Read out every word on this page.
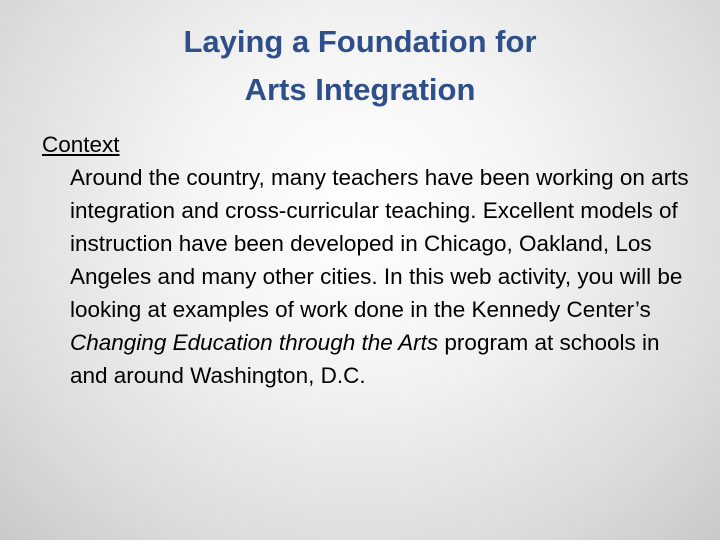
Laying a Foundation for
Arts Integration
Context
Around the country, many teachers have been working on arts integration and cross-curricular teaching. Excellent models of instruction have been developed in Chicago, Oakland, Los Angeles and many other cities. In this web activity, you will be looking at examples of work done in the Kennedy Center’s Changing Education through the Arts program at schools in and around Washington, D.C.
